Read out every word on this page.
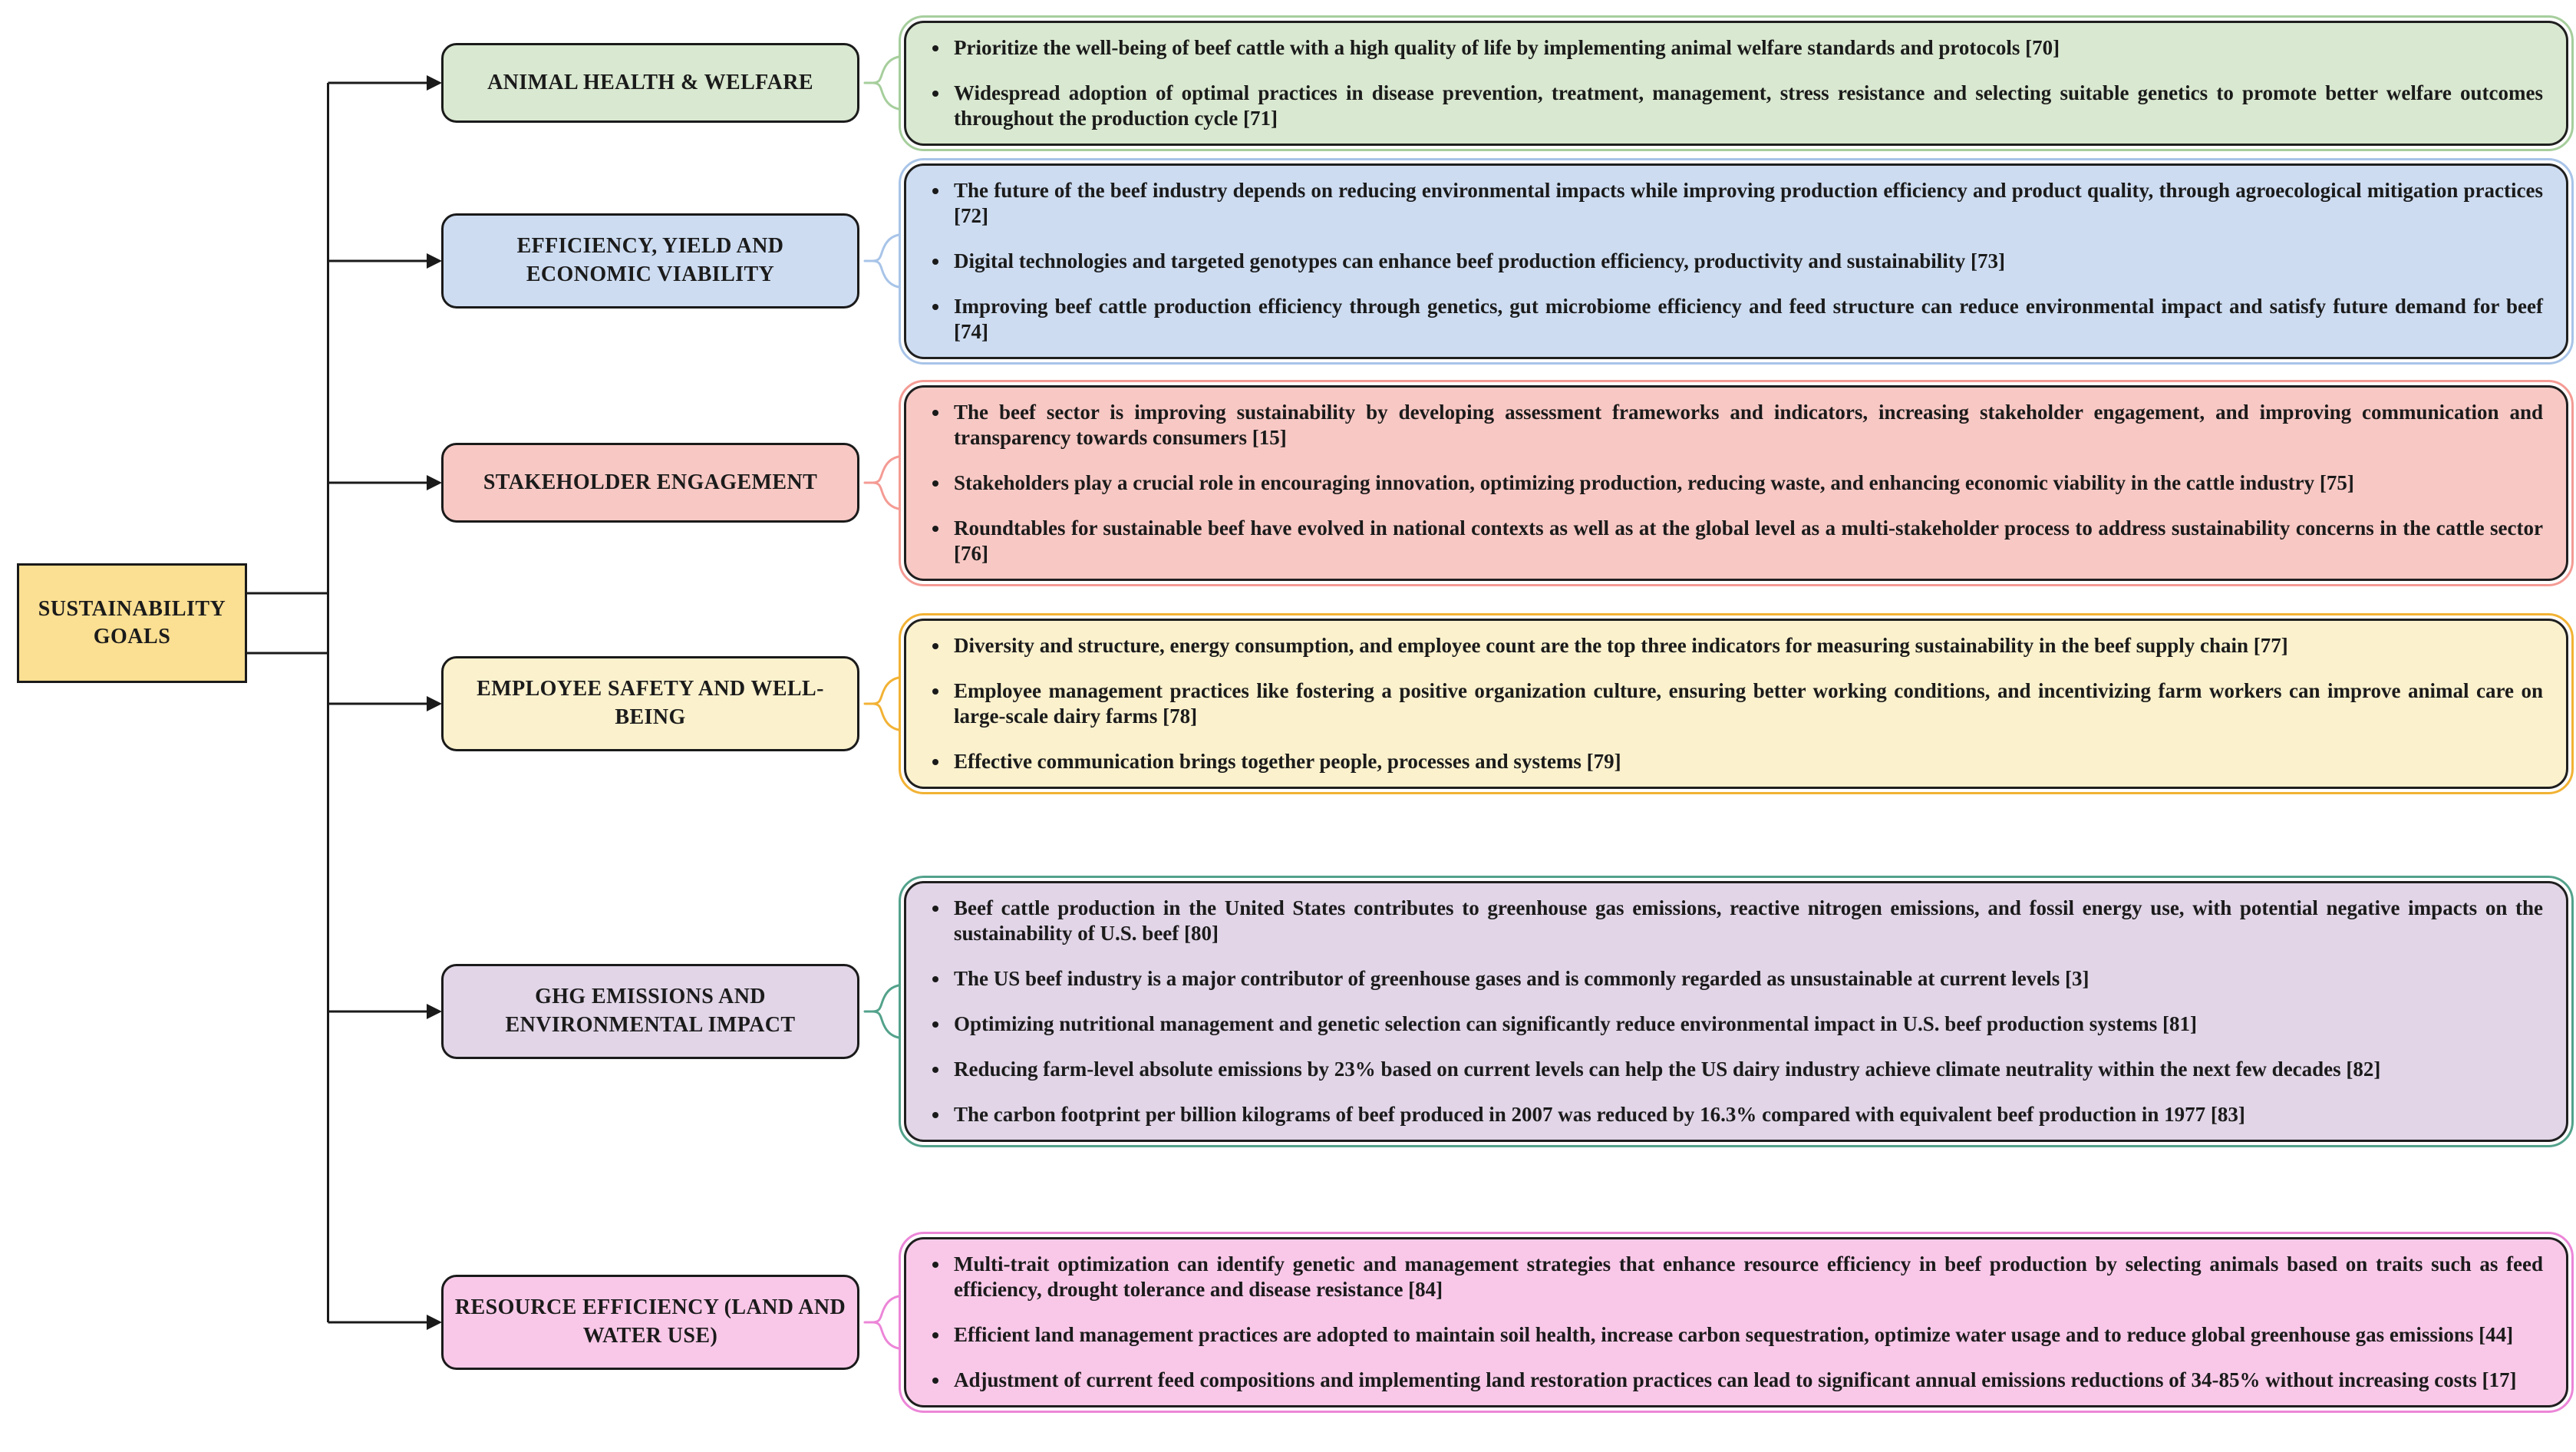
SUSTAINABILITY GOALS
ANIMAL HEALTH & WELFARE
Prioritize the well-being of beef cattle with a high quality of life by implementing animal welfare standards and protocols [70]
Widespread adoption of optimal practices in disease prevention, treatment, management, stress resistance and selecting suitable genetics to promote better welfare outcomes throughout the production cycle [71]
EFFICIENCY, YIELD AND ECONOMIC VIABILITY
The future of the beef industry depends on reducing environmental impacts while improving production efficiency and product quality, through agroecological mitigation practices [72]
Digital technologies and targeted genotypes can enhance beef production efficiency, productivity and sustainability [73]
Improving beef cattle production efficiency through genetics, gut microbiome efficiency and feed structure can reduce environmental impact and satisfy future demand for beef [74]
STAKEHOLDER ENGAGEMENT
The beef sector is improving sustainability by developing assessment frameworks and indicators, increasing stakeholder engagement, and improving communication and transparency towards consumers [15]
Stakeholders play a crucial role in encouraging innovation, optimizing production, reducing waste, and enhancing economic viability in the cattle industry [75]
Roundtables for sustainable beef have evolved in national contexts as well as at the global level as a multi-stakeholder process to address sustainability concerns in the cattle sector [76]
EMPLOYEE SAFETY AND WELL-BEING
Diversity and structure, energy consumption, and employee count are the top three indicators for measuring sustainability in the beef supply chain [77]
Employee management practices like fostering a positive organization culture, ensuring better working conditions, and incentivizing farm workers can improve animal care on large-scale dairy farms [78]
Effective communication brings together people, processes and systems [79]
GHG EMISSIONS AND ENVIRONMENTAL IMPACT
Beef cattle production in the United States contributes to greenhouse gas emissions, reactive nitrogen emissions, and fossil energy use, with potential negative impacts on the sustainability of U.S. beef [80]
The US beef industry is a major contributor of greenhouse gases and is commonly regarded as unsustainable at current levels [3]
Optimizing nutritional management and genetic selection can significantly reduce environmental impact in U.S. beef production systems [81]
Reducing farm-level absolute emissions by 23% based on current levels can help the US dairy industry achieve climate neutrality within the next few decades [82]
The carbon footprint per billion kilograms of beef produced in 2007 was reduced by 16.3% compared with equivalent beef production in 1977 [83]
RESOURCE EFFICIENCY (LAND AND WATER USE)
Multi-trait optimization can identify genetic and management strategies that enhance resource efficiency in beef production by selecting animals based on traits such as feed efficiency, drought tolerance and disease resistance [84]
Efficient land management practices are adopted to maintain soil health, increase carbon sequestration, optimize water usage and to reduce global greenhouse gas emissions [44]
Adjustment of current feed compositions and implementing land restoration practices can lead to significant annual emissions reductions of 34-85% without increasing costs [17]
